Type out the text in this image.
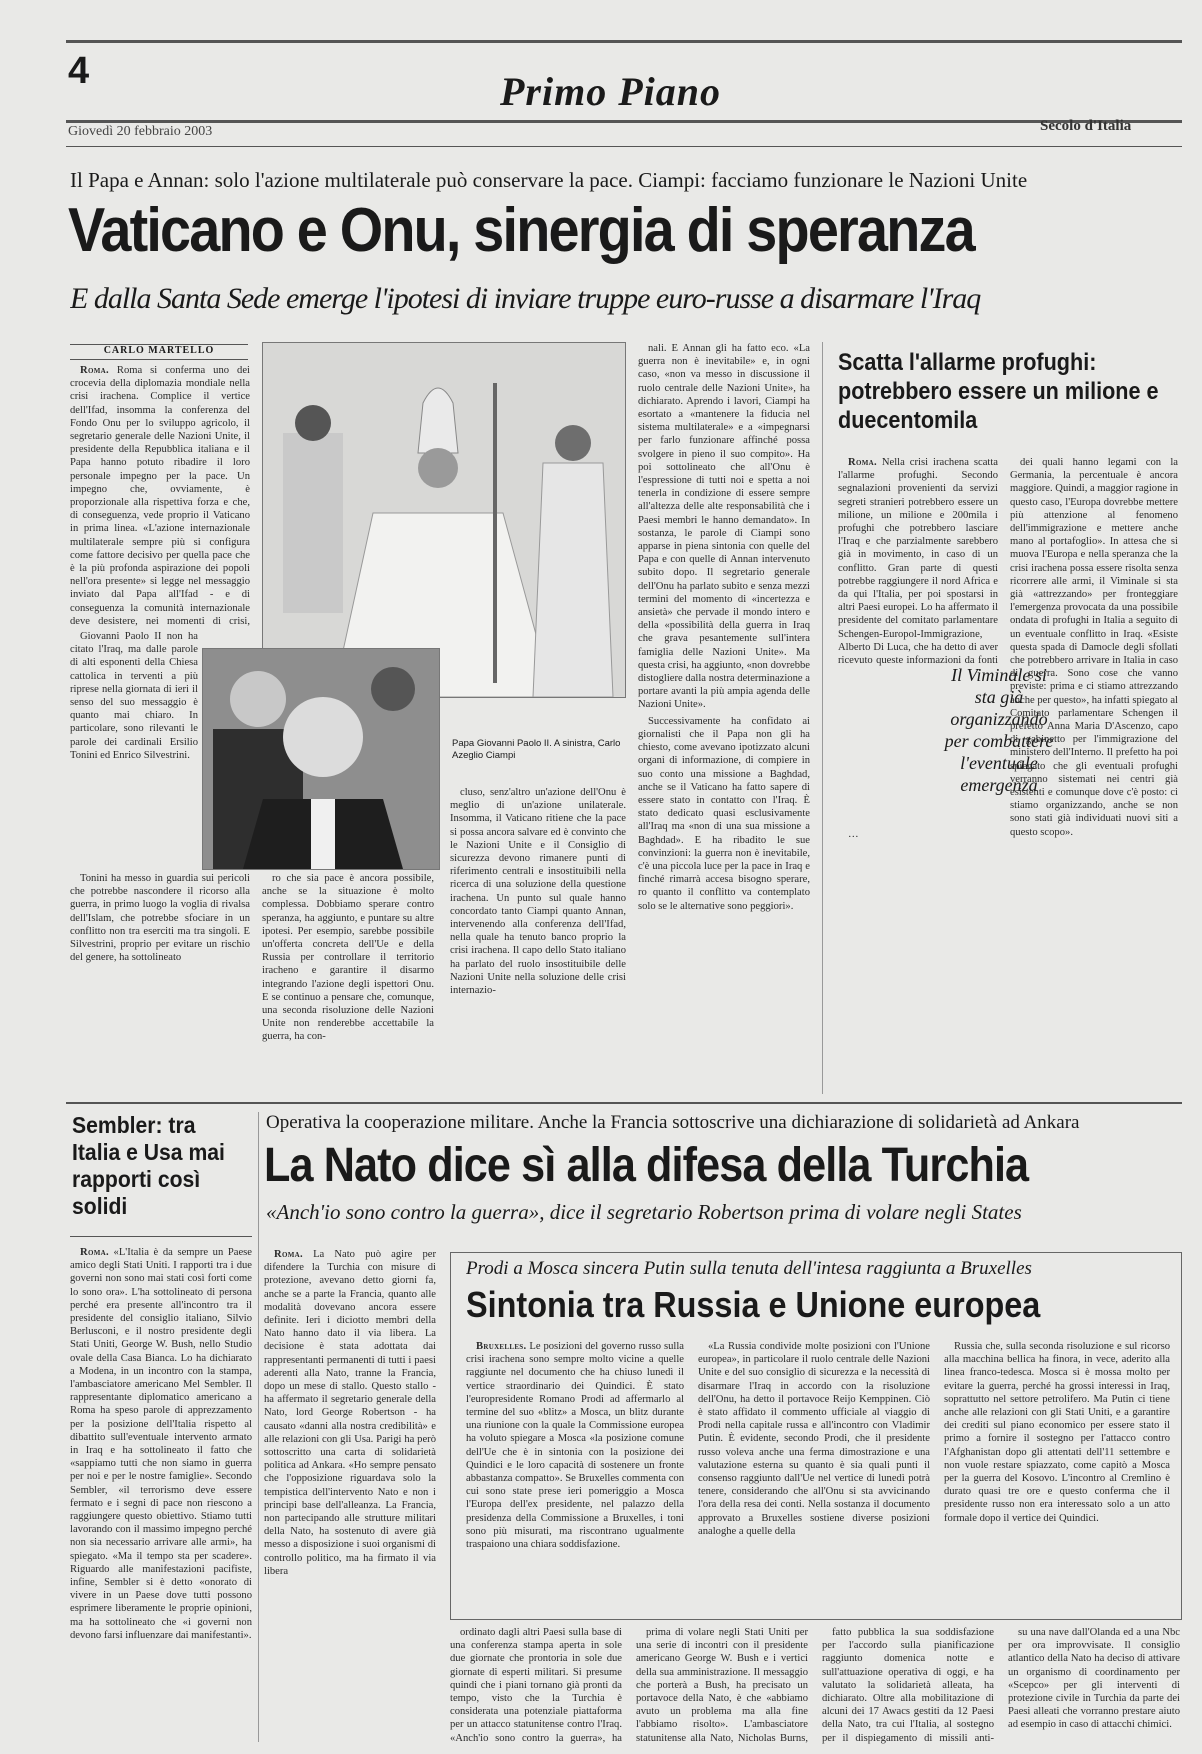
4	Primo Piano
Giovedì 20 febbraio 2003	Secolo d'Italia
Il Papa e Annan: solo l'azione multilaterale può conservare la pace. Ciampi: facciamo funzionare le Nazioni Unite
Vaticano e Onu, sinergia di speranza
E dalla Santa Sede emerge l'ipotesi di inviare truppe euro-russe a disarmare l'Iraq
CARLO MARTELLO

Roma. Roma si conferma uno dei crocevia della diplomazia mondiale nella crisi irachena. Complice il vertice dell'Ifad, insomma la conferenza del Fondo Onu per lo sviluppo agricolo, il segretario generale delle Nazioni Unite, il presidente della Repubblica italiana e il Papa hanno potuto ribadire il loro personale impegno per la pace. Un impegno che, ovviamente, è proporzionale alla rispettiva forza e che, di conseguenza, vede proprio il Vaticano in prima linea. «L'azione internazionale multilaterale sempre più si configura come fattore decisivo per quella pace che è la più profonda aspirazione dei popoli nell'ora presente» si legge nel messaggio inviato dal Papa all'Ifad - e di conseguenza la comunità internazionale deve desistere, nei momenti di crisi,

Giovanni Paolo II non ha citato l'Iraq, ma dalle parole di alti esponenti della Chiesa cattolica in terventi a più riprese nella giornata di ieri il senso del suo messaggio è quanto mai chiaro. In particolare, sono rilevanti le parole dei cardinali Ersilio Tonini ed Enrico Silvestrini.

Tonini ha messo in guardia sui pericoli che potrebbe nascondere il ricorso alla guerra, in primo luogo la voglia di rivalsa dell'Islam, che potrebbe sfociare in un conflitto non tra eserciti ma tra singoli. E Silvestrini, proprio per evitare un rischio del genere, ha sottolineato

Papa Giovanni Paolo II. A sinistra, Carlo Azeglio Ciampi

ro che sia pace è ancora possibile, anche se la situazione è molto complessa. Dobbiamo sperare contro speranza, ha aggiunto, e puntare su altre ipotesi. Per esempio, sarebbe possibile un'offerta concreta dell'Ue e della Russia per controllare il territorio iracheno e garantire il disarmo integrando l'azione degli ispettori Onu. E se continuo a pensare che, comunque, una seconda risoluzione delle Nazioni Unite non renderebbe accettabile la guerra, ha con-

cluso, senz'altro un'azione dell'Onu è meglio di un'azione unilaterale. Insomma, il Vaticano ritiene che la pace si possa ancora salvare ed è convinto che le Nazioni Unite e il Consiglio di sicurezza devono rimanere punti di riferimento centrali e insostituibili nella ricerca di una soluzione della questione irachena. Un punto sul quale hanno concordato tanto Ciampi quanto Annan, intervenendo alla conferenza dell'Ifad, nella quale ha tenuto banco proprio la crisi irachena. Il capo dello Stato italiano ha parlato del ruolo insostituibile delle Nazioni Unite nella soluzione delle crisi internazio-

nali. E Annan gli ha fatto eco. «La guerra non è inevitabile» e, in ogni caso, «non va messo in discussione il ruolo centrale delle Nazioni Unite», ha dichiarato. Aprendo i lavori, Ciampi ha esortato a «mantenere la fiducia nel sistema multilaterale» e a «impegnarsi per farlo funzionare affinché possa svolgere in pieno il suo compito». Ha poi sottolineato che all'Onu è l'espressione di tutti noi e spetta a noi tenerla in condizione di essere sempre all'altezza delle alte responsabilità che i Paesi membri le hanno demandato». In sostanza, le parole di Ciampi sono apparse in piena sintonia con quelle del Papa e con quelle di Annan intervenuto subito dopo. Il segretario generale dell'Onu ha parlato subito e senza mezzi termini del momento di «incertezza e ansietà» che pervade il mondo intero e della «possibilità della guerra in Iraq che grava pesantemente sull'intera famiglia delle Nazioni Unite». Ma questa crisi, ha aggiunto, «non dovrebbe distogliere dalla nostra determinazione a portare avanti la più ampia agenda delle Nazioni Unite».

Successivamente ha confidato ai giornalisti che il Papa non gli ha chiesto, come avevano ipotizzato alcuni organi di informazione, di compiere in suo conto una missione a Baghdad, anche se il Vaticano ha fatto sapere di essere stato in contatto con l'Iraq. È stato dedicato quasi esclusivamente all'Iraq ma «non di una sua missione a Baghdad». E ha ribadito le sue convinzioni: la guerra non è inevitabile, c'è una piccola luce per la pace in Iraq e finché rimarrà accesa bisogno sperare, ro quanto il conflitto va contemplato solo se le alternative sono peggiori».

Scatta l'allarme profughi: potrebbero essere un milione e duecentomila

Roma. Nella crisi irachena scatta l'allarme profughi. Secondo segnalazioni provenienti da servizi segreti stranieri potrebbero essere un milione, un milione e 200mila i profughi che potrebbero lasciare l'Iraq e che parzialmente sarebbero già in movimento, in caso di un conflitto. Gran parte di questi potrebbe raggiungere il nord Africa e da qui l'Italia, per poi spostarsi in altri Paesi europei. Lo ha affermato il presidente del comitato parlamentare Schengen-Europol-Immigrazione, Alberto Di Luca, che ha detto di aver ricevuto queste informazioni da fonti

Il Viminale si sta già organizzando per combattere l'eventuale emergenza

dei quali hanno legami con la Germania, la percentuale è ancora maggiore. Quindi, a maggior ragione in questo caso, l'Europa dovrebbe mettere più attenzione al fenomeno dell'immigrazione e mettere anche mano al portafoglio». In attesa che si muova l'Europa e nella speranza che la crisi irachena possa essere risolta senza ricorrere alle armi, il Viminale si sta già «attrezzando» per fronteggiare l'emergenza provocata da una possibile ondata di profughi in Italia a seguito di un eventuale conflitto in Iraq. «Esiste questa spada di Damocle degli sfollati che potrebbero arrivare in Italia in caso di guerra. Sono cose che vanno previste: prima e ci stiamo attrezzando anche per questo», ha infatti spiegato al Comitato parlamentare Schengen il prefetto Anna Maria D'Ascenzo, capo di gabinetto per l'immigrazione del ministero dell'Interno. Il prefetto ha poi spiegato che gli eventuali profughi verranno sistemati nei centri già esistenti e comunque dove c'è posto: ci stiamo organizzando, anche se non sono stati già individuati nuovi siti a questo scopo».

…

Sembler: tra Italia e Usa mai rapporti così solidi

Roma. «L'Italia è da sempre un Paese amico degli Stati Uniti. I rapporti tra i due governi non sono mai stati così forti come lo sono ora». L'ha sottolineato di persona perché era presente all'incontro tra il presidente del consiglio italiano, Silvio Berlusconi, e il nostro presidente degli Stati Uniti, George W. Bush, nello Studio ovale della Casa Bianca. Lo ha dichiarato a Modena, in un incontro con la stampa, l'ambasciatore americano Mel Sembler. Il rappresentante diplomatico americano a Roma ha speso parole di apprezzamento per la posizione dell'Italia rispetto al dibattito sull'eventuale intervento armato in Iraq e ha sottolineato il fatto che «sappiamo tutti che non siamo in guerra per noi e per le nostre famiglie». Secondo Sembler, «il terrorismo deve essere fermato e i segni di pace non riescono a raggiungere questo obiettivo. Stiamo tutti lavorando con il massimo impegno perché non sia necessario arrivare alle armi», ha spiegato. «Ma il tempo sta per scadere». Riguardo alle manifestazioni pacifiste, infine, Sembler si è detto «onorato di vivere in un Paese dove tutti possono esprimere liberamente le proprie opinioni, ma ha sottolineato che «i governi non devono farsi influenzare dai manifestanti».

Operativa la cooperazione militare. Anche la Francia sottoscrive una dichiarazione di solidarietà ad Ankara
La Nato dice sì alla difesa della Turchia
«Anch'io sono contro la guerra», dice il segretario Robertson prima di volare negli States

Roma. La Nato può agire per difendere la Turchia con misure di protezione, avevano detto giorni fa, anche se a parte la Francia, quanto alle modalità dovevano ancora essere definite. Ieri i diciotto membri della Nato hanno dato il via libera. La decisione è stata adottata dai rappresentanti permanenti di tutti i paesi aderenti alla Nato, tranne la Francia, dopo un mese di stallo. Questo stallo - ha affermato il segretario generale della Nato, lord George Robertson - ha causato «danni alla nostra credibilità» e alle relazioni con gli Usa. Parigi ha però sottoscritto una carta di solidarietà politica ad Ankara. «Ho sempre pensato che l'opposizione riguardava solo la tempistica dell'intervento Nato e non i principi base dell'alleanza. La Francia, non partecipando alle strutture militari della Nato, ha sostenuto di avere già messo a disposizione i suoi organismi di controllo politico, ma ha firmato il via libera

Prodi a Mosca sincera Putin sulla tenuta dell'intesa raggiunta a Bruxelles
Sintonia tra Russia e Unione europea

Bruxelles. Le posizioni del governo russo sulla crisi irachena sono sempre molto vicine a quelle raggiunte nel documento che ha chiuso lunedì il vertice straordinario dei Quindici. È stato l'europresidente Romano Prodi ad affermarlo al termine del suo «blitz» a Mosca, un blitz durante una riunione con la quale la Commissione europea ha voluto spiegare a Mosca «la posizione comune dell'Ue che è in sintonia con la posizione dei Quindici e le loro capacità di sostenere un fronte abbastanza compatto». Se Bruxelles commenta con cui sono state prese ieri pomeriggio a Mosca l'Europa dell'ex presidente, nel palazzo della presidenza della Commissione a Bruxelles, i toni sono più misurati, ma riscontrano ugualmente traspaiono una chiara soddisfazione.

«La Russia condivide molte posizioni con l'Unione europea», in particolare il ruolo centrale delle Nazioni Unite e del suo consiglio di sicurezza e la necessità di disarmare l'Iraq in accordo con la risoluzione dell'Onu, ha detto il portavoce Reijo Kemppinen. Ciò è stato affidato il commento ufficiale al viaggio di Prodi nella capitale russa e all'incontro con Vladimir Putin. È evidente, secondo Prodi, che il presidente russo voleva anche una ferma dimostrazione e una valutazione esterna su quanto è sia quali punti il consenso raggiunto dall'Ue nel vertice di lunedì potrà tenere, considerando che all'Onu si sta avvicinando l'ora della resa dei conti. Nella sostanza il documento approvato a Bruxelles sostiene diverse posizioni analoghe a quelle della

Russia che, sulla seconda risoluzione e sul ricorso alla macchina bellica ha finora, in vece, aderito alla linea franco-tedesca. Mosca si è mossa molto per evitare la guerra, perché ha grossi interessi in Iraq, soprattutto nel settore petrolifero. Ma Putin ci tiene anche alle relazioni con gli Stati Uniti, e a garantire dei crediti sul piano economico per essere stato il primo a fornire il sostegno per l'attacco contro l'Afghanistan dopo gli attentati dell'11 settembre e non vuole restare spiazzato, come capitò a Mosca per la guerra del Kosovo. L'incontro al Cremlino è durato quasi tre ore e questo conferma che il presidente russo non era interessato solo a un atto formale dopo il vertice dei Quindici.

ordinato dagli altri Paesi sulla base di una conferenza stampa aperta in sole due giornate che prontoria in sole due giornate di esperti militari. Si presume quindi che i piani tornano già pronti da tempo, visto che la Turchia è considerata una potenziale piattaforma per un attacco statunitense contro l'Iraq. «Anch'io sono contro la guerra», ha

prima di volare negli Stati Uniti per una serie di incontri con il presidente americano George W. Bush e i vertici della sua amministrazione. Il messaggio che porterà a Bush, ha precisato un portavoce della Nato, è che «abbiamo avuto un problema ma alla fine l'abbiamo risolto». L'ambasciatore statunitense alla Nato, Nicholas Burns,

fatto pubblica la sua soddisfazione per l'accordo sulla pianificazione raggiunto domenica notte e sull'attuazione operativa di oggi, e ha valutato la solidarietà alleata, ha dichiarato. Oltre alla mobilitazione di alcuni dei 17 Awacs gestiti da 12 Paesi della Nato, tra cui l'Italia, al sostegno per il dispiegamento di missili anti-

su una nave dall'Olanda ed a una Nbc per ora improvvisate. Il consiglio atlantico della Nato ha deciso di attivare un organismo di coordinamento per «Scepco» per gli interventi di protezione civile in Turchia da parte dei Paesi alleati che vorranno prestare aiuto ad esempio in caso di attacchi chimici.
